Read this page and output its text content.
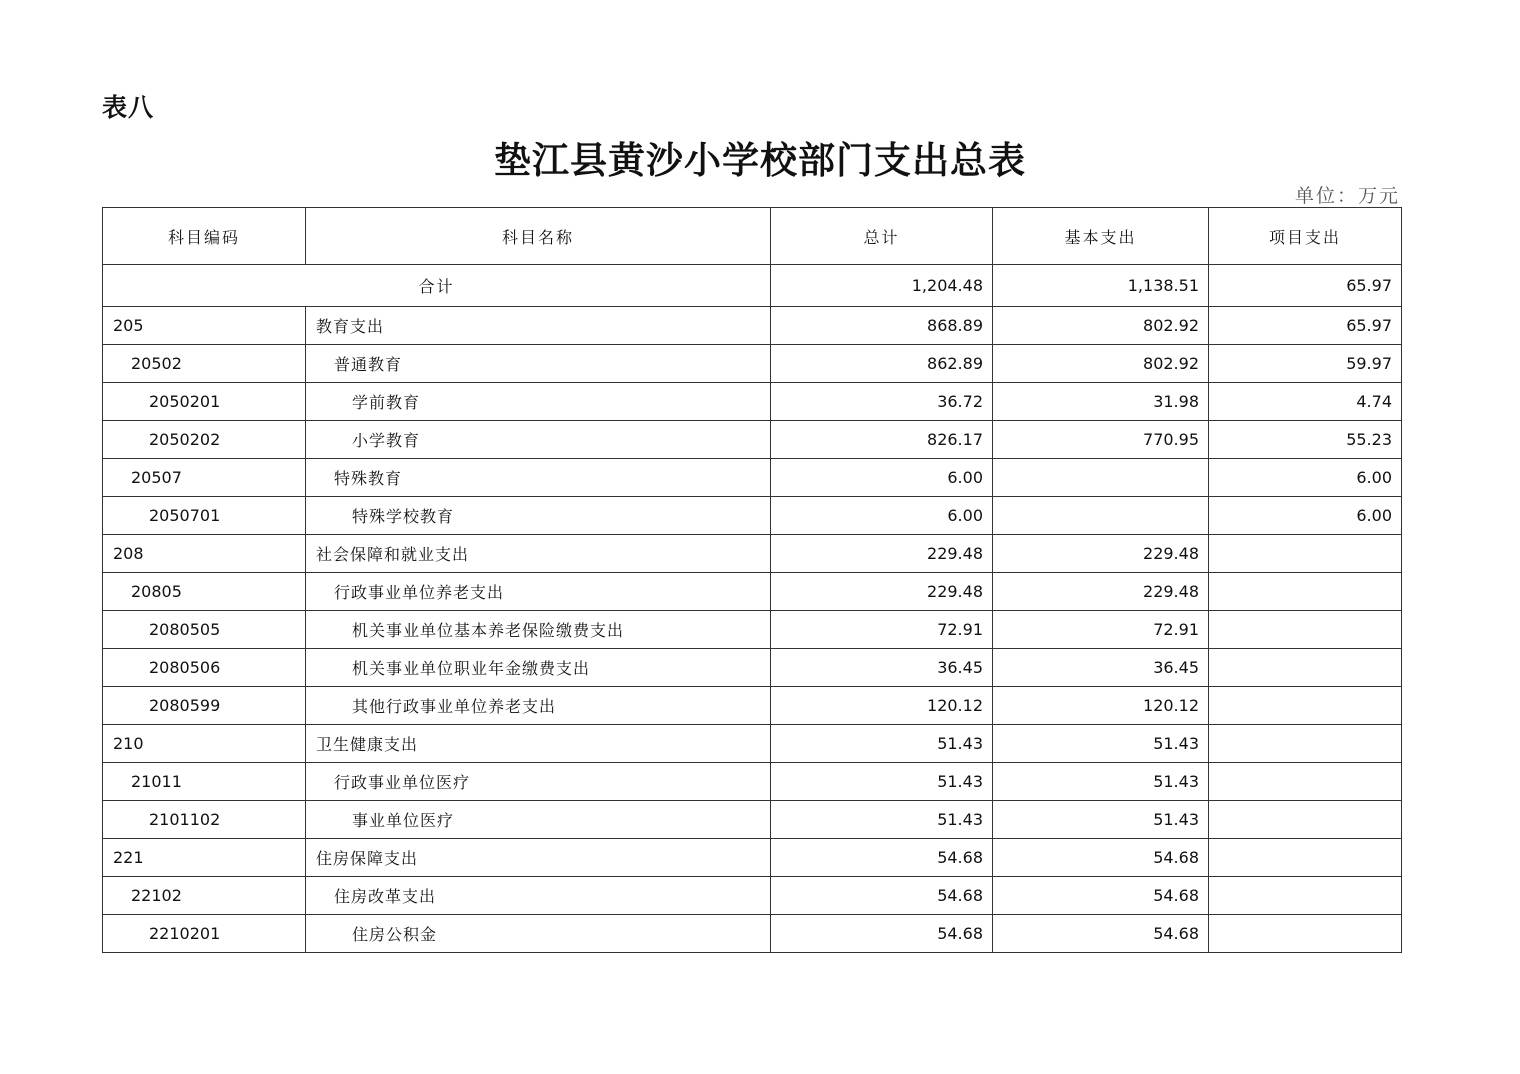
表八
垫江县黄沙小学校部门支出总表
单位：万元
科目编码	科目名称	总计	基本支出	项目支出
合计		1,204.48	1,138.51	65.97
205	教育支出	868.89	802.92	65.97
20502	普通教育	862.89	802.92	59.97
2050201	学前教育	36.72	31.98	4.74
2050202	小学教育	826.17	770.95	55.23
20507	特殊教育	6.00		6.00
2050701	特殊学校教育	6.00		6.00
208	社会保障和就业支出	229.48	229.48	
20805	行政事业单位养老支出	229.48	229.48	
2080505	机关事业单位基本养老保险缴费支出	72.91	72.91	
2080506	机关事业单位职业年金缴费支出	36.45	36.45	
2080599	其他行政事业单位养老支出	120.12	120.12	
210	卫生健康支出	51.43	51.43	
21011	行政事业单位医疗	51.43	51.43	
2101102	事业单位医疗	51.43	51.43	
221	住房保障支出	54.68	54.68	
22102	住房改革支出	54.68	54.68	
2210201	住房公积金	54.68	54.68	
